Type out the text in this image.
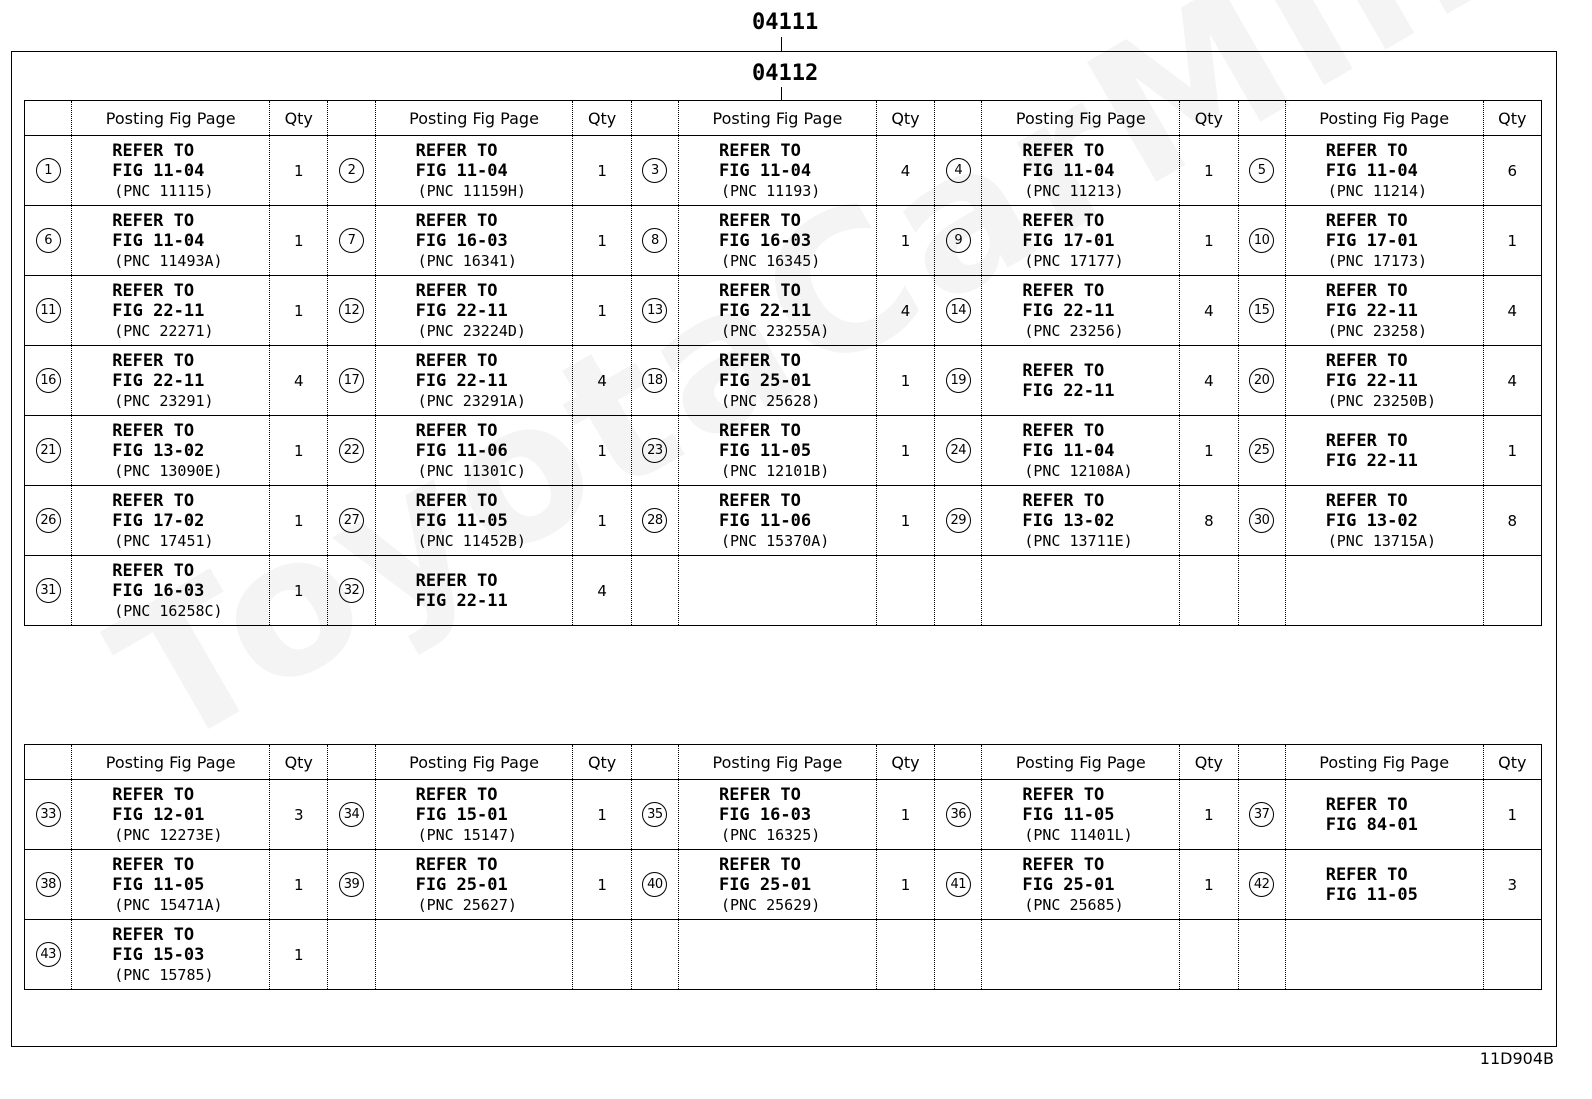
04111
04112
	Posting Fig Page	Qty		Posting Fig Page	Qty		Posting Fig Page	Qty		Posting Fig Page	Qty		Posting Fig Page	Qty
1	REFER TO
FIG 11-04
(PNC 11115)	1	2	REFER TO
FIG 11-04
(PNC 11159H)	1	3	REFER TO
FIG 11-04
(PNC 11193)	4	4	REFER TO
FIG 11-04
(PNC 11213)	1	5	REFER TO
FIG 11-04
(PNC 11214)	6
6	REFER TO
FIG 11-04
(PNC 11493A)	1	7	REFER TO
FIG 16-03
(PNC 16341)	1	8	REFER TO
FIG 16-03
(PNC 16345)	1	9	REFER TO
FIG 17-01
(PNC 17177)	1	10	REFER TO
FIG 17-01
(PNC 17173)	1
11	REFER TO
FIG 22-11
(PNC 22271)	1	12	REFER TO
FIG 22-11
(PNC 23224D)	1	13	REFER TO
FIG 22-11
(PNC 23255A)	4	14	REFER TO
FIG 22-11
(PNC 23256)	4	15	REFER TO
FIG 22-11
(PNC 23258)	4
16	REFER TO
FIG 22-11
(PNC 23291)	4	17	REFER TO
FIG 22-11
(PNC 23291A)	4	18	REFER TO
FIG 25-01
(PNC 25628)	1	19	REFER TO
FIG 22-11	4	20	REFER TO
FIG 22-11
(PNC 23250B)	4
21	REFER TO
FIG 13-02
(PNC 13090E)	1	22	REFER TO
FIG 11-06
(PNC 11301C)	1	23	REFER TO
FIG 11-05
(PNC 12101B)	1	24	REFER TO
FIG 11-04
(PNC 12108A)	1	25	REFER TO
FIG 22-11	1
26	REFER TO
FIG 17-02
(PNC 17451)	1	27	REFER TO
FIG 11-05
(PNC 11452B)	1	28	REFER TO
FIG 11-06
(PNC 15370A)	1	29	REFER TO
FIG 13-02
(PNC 13711E)	8	30	REFER TO
FIG 13-02
(PNC 13715A)	8
31	REFER TO
FIG 16-03
(PNC 16258C)	1	32	REFER TO
FIG 22-11	4									
	Posting Fig Page	Qty		Posting Fig Page	Qty		Posting Fig Page	Qty		Posting Fig Page	Qty		Posting Fig Page	Qty
33	REFER TO
FIG 12-01
(PNC 12273E)	3	34	REFER TO
FIG 15-01
(PNC 15147)	1	35	REFER TO
FIG 16-03
(PNC 16325)	1	36	REFER TO
FIG 11-05
(PNC 11401L)	1	37	REFER TO
FIG 84-01	1
38	REFER TO
FIG 11-05
(PNC 15471A)	1	39	REFER TO
FIG 25-01
(PNC 25627)	1	40	REFER TO
FIG 25-01
(PNC 25629)	1	41	REFER TO
FIG 25-01
(PNC 25685)	1	42	REFER TO
FIG 11-05	3
43	REFER TO
FIG 15-03
(PNC 15785)	1												
11D904B
